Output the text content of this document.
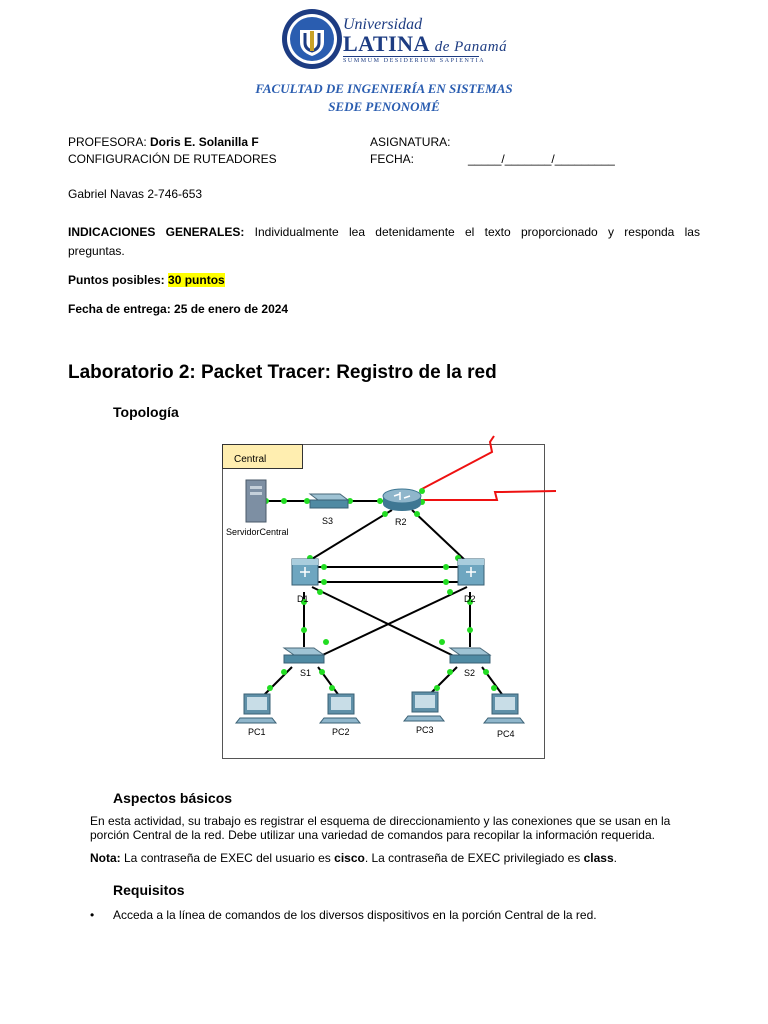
Universidad
LATINA de Panamá
SUMMUM DESIDERIUM SAPIENTIA
FACULTAD DE INGENIERÍA EN SISTEMAS
SEDE PENONOMÉ
PROFESORA: Doris E. Solanilla F
CONFIGURACIÓN DE RUTEADORES
ASIGNATURA:
FECHA:	_____/_______/_________
Gabriel Navas 2-746-653
INDICACIONES GENERALES: Individualmente lea detenidamente el texto proporcionado y responda las
preguntas.
Puntos posibles: 30 puntos
Fecha de entrega: 25 de enero de 2024
Laboratorio 2: Packet Tracer: Registro de la red
Topología
Central
ServidorCentral
S3	R2
D1	D2
S1	S2
PC1	PC2	PC3	PC4
Aspectos básicos
En esta actividad, su trabajo es registrar el esquema de direccionamiento y las conexiones que se usan en la
porción Central de la red. Debe utilizar una variedad de comandos para recopilar la información requerida.
Nota: La contraseña de EXEC del usuario es cisco. La contraseña de EXEC privilegiado es class.
Requisitos
• Acceda a la línea de comandos de los diversos dispositivos en la porción Central de la red.
